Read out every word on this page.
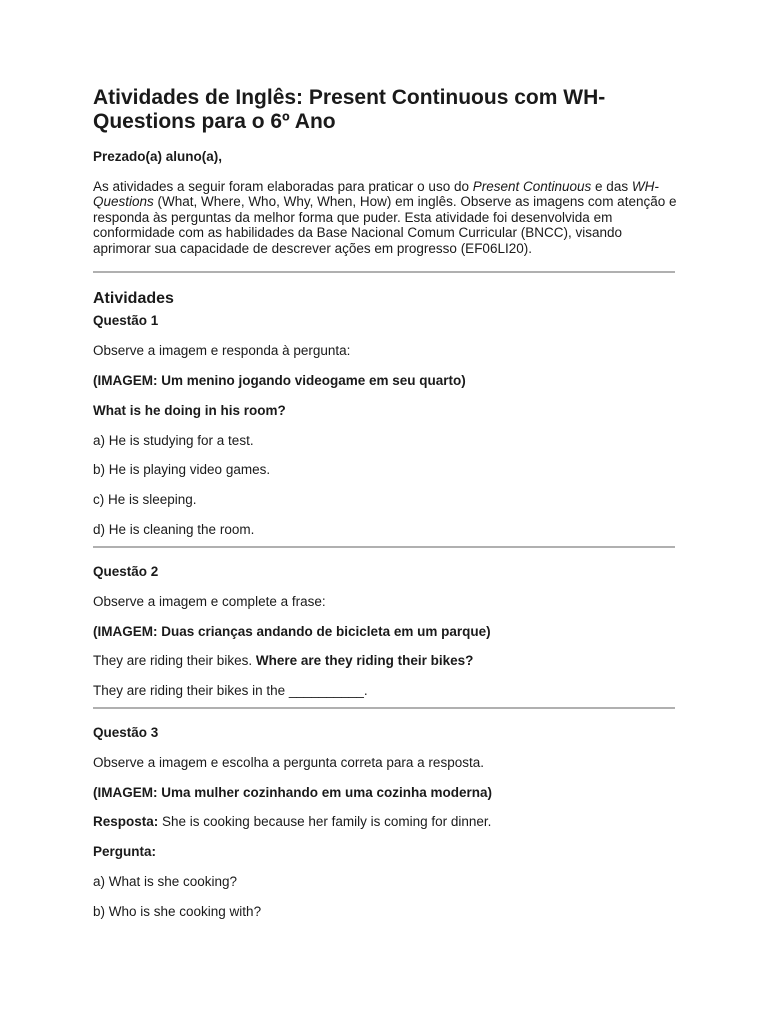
Atividades de Inglês: Present Continuous com WH-Questions para o 6º Ano

Prezado(a) aluno(a),

As atividades a seguir foram elaboradas para praticar o uso do Present Continuous e das WH-Questions (What, Where, Who, Why, When, How) em inglês. Observe as imagens com atenção e responda às perguntas da melhor forma que puder. Esta atividade foi desenvolvida em conformidade com as habilidades da Base Nacional Comum Curricular (BNCC), visando aprimorar sua capacidade de descrever ações em progresso (EF06LI20).

Atividades

Questão 1

Observe a imagem e responda à pergunta:

(IMAGEM: Um menino jogando videogame em seu quarto)

What is he doing in his room?

a) He is studying for a test.

b) He is playing video games.

c) He is sleeping.

d) He is cleaning the room.

Questão 2

Observe a imagem e complete a frase:

(IMAGEM: Duas crianças andando de bicicleta em um parque)

They are riding their bikes. Where are they riding their bikes?

They are riding their bikes in the __________.

Questão 3

Observe a imagem e escolha a pergunta correta para a resposta.

(IMAGEM: Uma mulher cozinhando em uma cozinha moderna)

Resposta: She is cooking because her family is coming for dinner.

Pergunta:

a) What is she cooking?

b) Who is she cooking with?
